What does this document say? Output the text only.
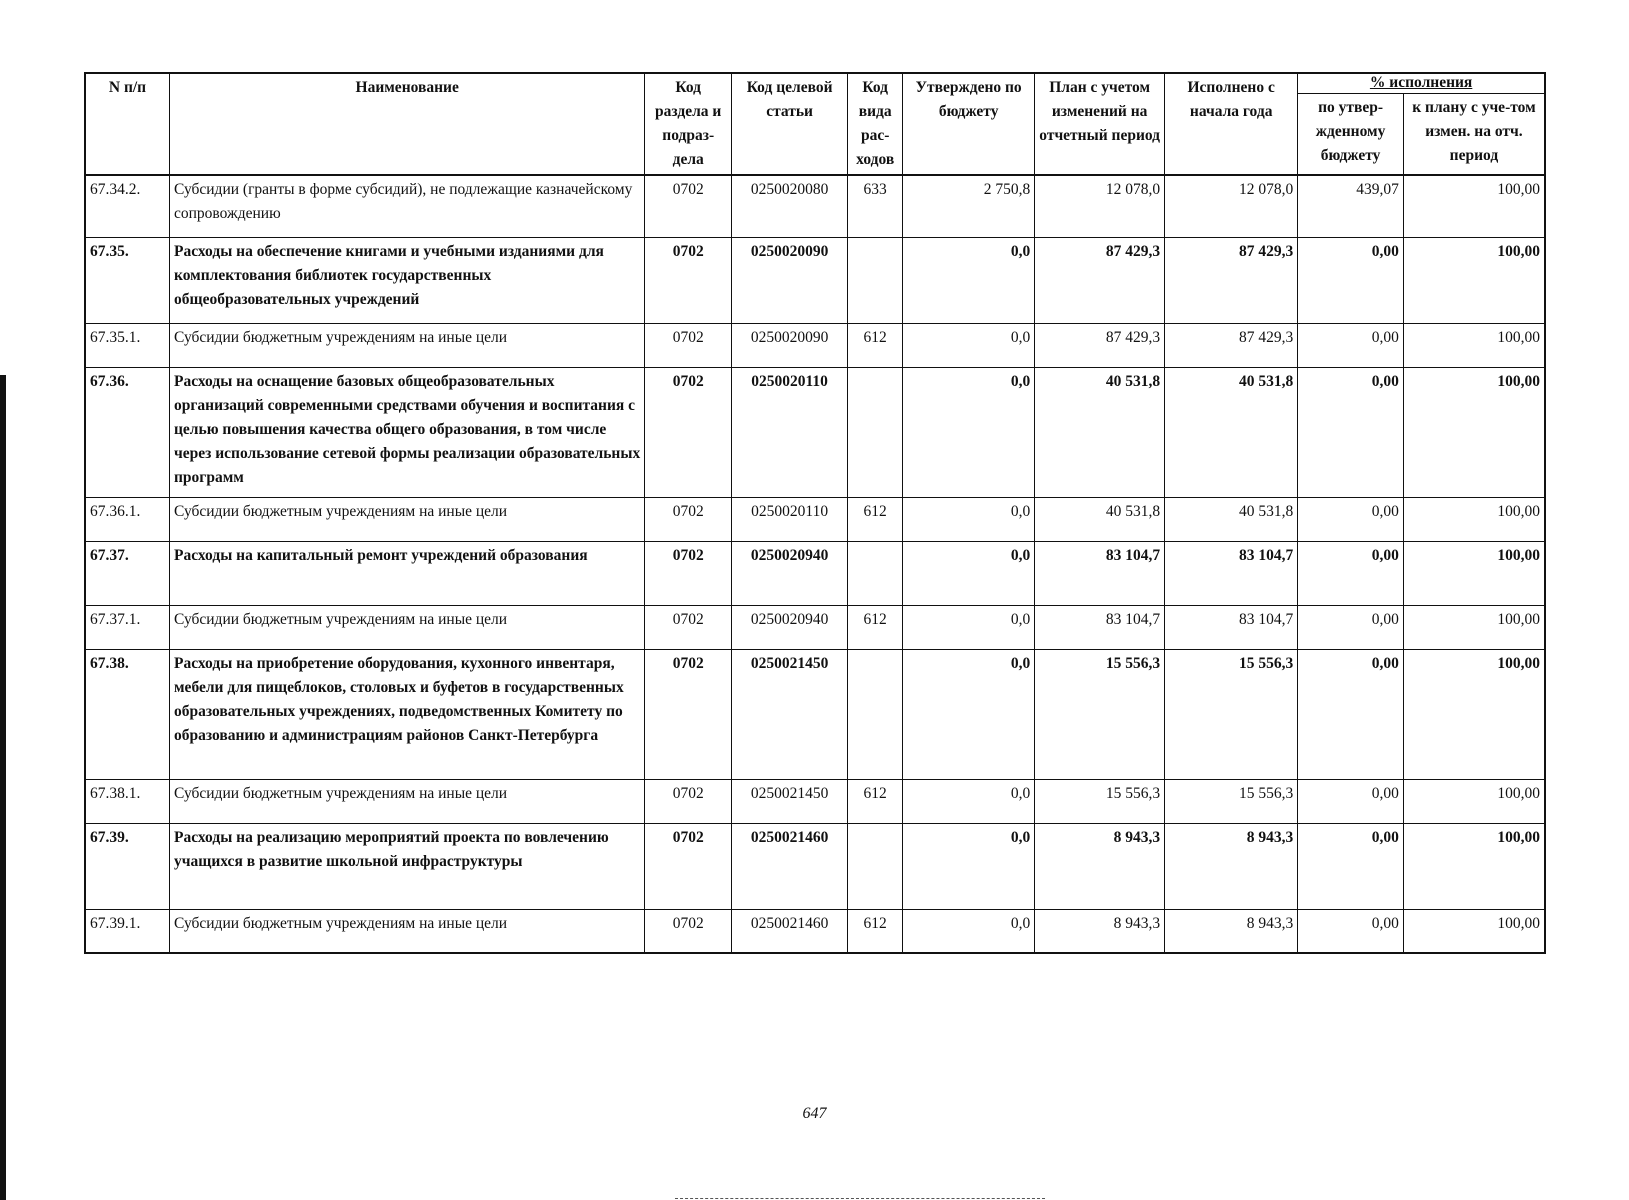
N п/п	Наименование	Код раздела и подраз-дела	Код целевой статьи	Код вида рас-ходов	Утверждено по бюджету	План с учетом изменений на отчетный период	Исполнено с начала года	% исполнения	
								по утвер-жденному бюджету	к плану с уче-том измен. на отч. период
67.34.2.	Субсидии (гранты в форме субсидий), не подлежащие казначейскому сопровождению	0702	0250020080	633	2 750,8	12 078,0	12 078,0	439,07	100,00
67.35.	Расходы на обеспечение книгами и учебными изданиями для комплектования библиотек государственных общеобразовательных учреждений	0702	0250020090		0,0	87 429,3	87 429,3	0,00	100,00
67.35.1.	Субсидии бюджетным учреждениям на иные цели	0702	0250020090	612	0,0	87 429,3	87 429,3	0,00	100,00
67.36.	Расходы на оснащение базовых общеобразовательных организаций современными средствами обучения и воспитания с целью повышения качества общего образования, в том числе через использование сетевой формы реализации образовательных программ	0702	0250020110		0,0	40 531,8	40 531,8	0,00	100,00
67.36.1.	Субсидии бюджетным учреждениям на иные цели	0702	0250020110	612	0,0	40 531,8	40 531,8	0,00	100,00
67.37.	Расходы на капитальный ремонт учреждений образования	0702	0250020940		0,0	83 104,7	83 104,7	0,00	100,00
67.37.1.	Субсидии бюджетным учреждениям на иные цели	0702	0250020940	612	0,0	83 104,7	83 104,7	0,00	100,00
67.38.	Расходы на приобретение оборудования, кухонного инвентаря, мебели для пищеблоков, столовых и буфетов в государственных образовательных учреждениях, подведомственных Комитету по образованию и администрациям районов Санкт-Петербурга	0702	0250021450		0,0	15 556,3	15 556,3	0,00	100,00
67.38.1.	Субсидии бюджетным учреждениям на иные цели	0702	0250021450	612	0,0	15 556,3	15 556,3	0,00	100,00
67.39.	Расходы на реализацию мероприятий проекта по вовлечению учащихся в развитие школьной инфраструктуры	0702	0250021460		0,0	8 943,3	8 943,3	0,00	100,00
67.39.1.	Субсидии бюджетным учреждениям на иные цели	0702	0250021460	612	0,0	8 943,3	8 943,3	0,00	100,00
647
